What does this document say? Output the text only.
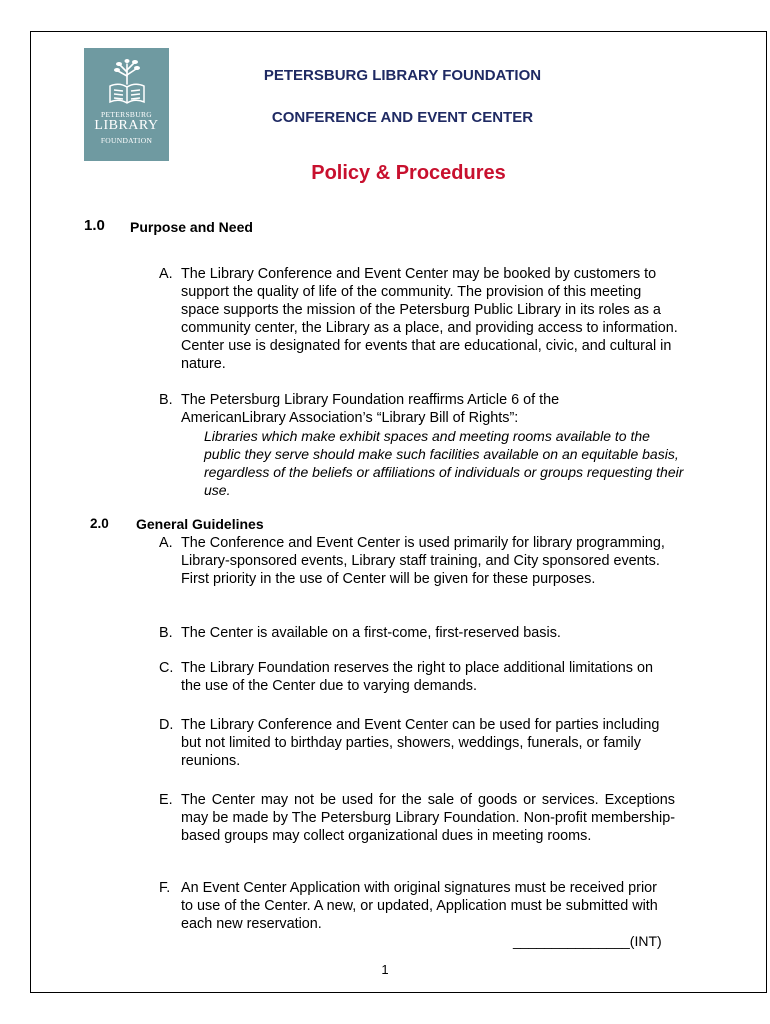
PETERSBURG
LIBRARY
FOUNDATION
PETERSBURG LIBRARY FOUNDATION
CONFERENCE AND EVENT CENTER
Policy & Procedures
1.0 Purpose and Need
A. The Library Conference and Event Center may be booked by customers to support the quality of life of the community. The provision of this meeting space supports the mission of the Petersburg Public Library in its roles as a community center, the Library as a place, and providing access to information. Center use is designated for events that are educational, civic, and cultural in nature.
B. The Petersburg Library Foundation reaffirms Article 6 of the AmericanLibrary Association’s “Library Bill of Rights”:
Libraries which make exhibit spaces and meeting rooms available to the public they serve should make such facilities available on an equitable basis, regardless of the beliefs or affiliations of individuals or groups requesting their use.
2.0 General Guidelines
A. The Conference and Event Center is used primarily for library programming, Library-sponsored events, Library staff training, and City sponsored events. First priority in the use of Center will be given for these purposes.
B. The Center is available on a first-come, first-reserved basis.
C. The Library Foundation reserves the right to place additional limitations on the use of the Center due to varying demands.
D. The Library Conference and Event Center can be used for parties including but not limited to birthday parties, showers, weddings, funerals, or family reunions.
E. The Center may not be used for the sale of goods or services. Exceptions may be made by The Petersburg Library Foundation. Non-profit membership-based groups may collect organizational dues in meeting rooms.
F. An Event Center Application with original signatures must be received prior to use of the Center. A new, or updated, Application must be submitted with each new reservation.
_______________(INT)
1
